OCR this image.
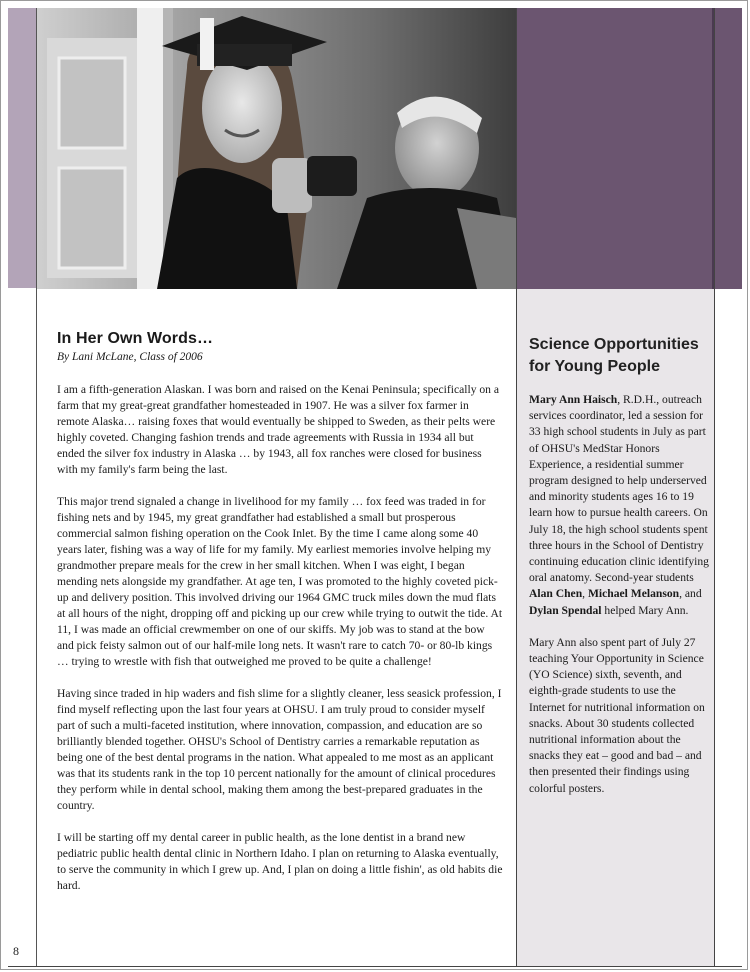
In Her Own Words…

By Lani McLane, Class of 2006

I am a fifth-generation Alaskan. I was born and raised on the Kenai Peninsula; specifically on a farm that my great-great grandfather homesteaded in 1907. He was a silver fox farmer in remote Alaska… raising foxes that would eventually be shipped to Sweden, as their pelts were highly coveted. Changing fashion trends and trade agreements with Russia in 1934 all but ended the silver fox industry in Alaska … by 1943, all fox ranches were closed for business with my family's farm being the last.

This major trend signaled a change in livelihood for my family … fox feed was traded in for fishing nets and by 1945, my great grandfather had established a small but prosperous commercial salmon fishing operation on the Cook Inlet. By the time I came along some 40 years later, fishing was a way of life for my family. My earliest memories involve helping my grandmother prepare meals for the crew in her small kitchen. When I was eight, I began mending nets alongside my grandfather. At age ten, I was promoted to the highly coveted pick-up and delivery position. This involved driving our 1964 GMC truck miles down the mud flats at all hours of the night, dropping off and picking up our crew while trying to outwit the tide. At 11, I was made an official crewmember on one of our skiffs. My job was to stand at the bow and pick feisty salmon out of our half-mile long nets. It wasn't rare to catch 70- or 80-lb kings … trying to wrestle with fish that outweighed me proved to be quite a challenge!

Having since traded in hip waders and fish slime for a slightly cleaner, less seasick profession, I find myself reflecting upon the last four years at OHSU. I am truly proud to consider myself part of such a multi-faceted institution, where innovation, compassion, and education are so brilliantly blended together. OHSU's School of Dentistry carries a remarkable reputation as being one of the best dental programs in the nation. What appealed to me most as an applicant was that its students rank in the top 10 percent nationally for the amount of clinical procedures they perform while in dental school, making them among the best-prepared graduates in the country.

I will be starting off my dental career in public health, as the lone dentist in a brand new pediatric public health dental clinic in Northern Idaho. I plan on returning to Alaska eventually, to serve the community in which I grew up. And, I plan on doing a little fishin', as old habits die hard.

8
Science Opportunities for Young People

Mary Ann Haisch, R.D.H., outreach services coordinator, led a session for 33 high school students in July as part of OHSU's MedStar Honors Experience, a residential summer program designed to help underserved and minority students ages 16 to 19 learn how to pursue health careers. On July 18, the high school students spent three hours in the School of Dentistry continuing education clinic identifying oral anatomy. Second-year students Alan Chen, Michael Melanson, and Dylan Spendal helped Mary Ann.

Mary Ann also spent part of July 27 teaching Your Opportunity in Science (YO Science) sixth, seventh, and eighth-grade students to use the Internet for nutritional information on snacks. About 30 students collected nutritional information about the snacks they eat – good and bad – and then presented their findings using colorful posters.
